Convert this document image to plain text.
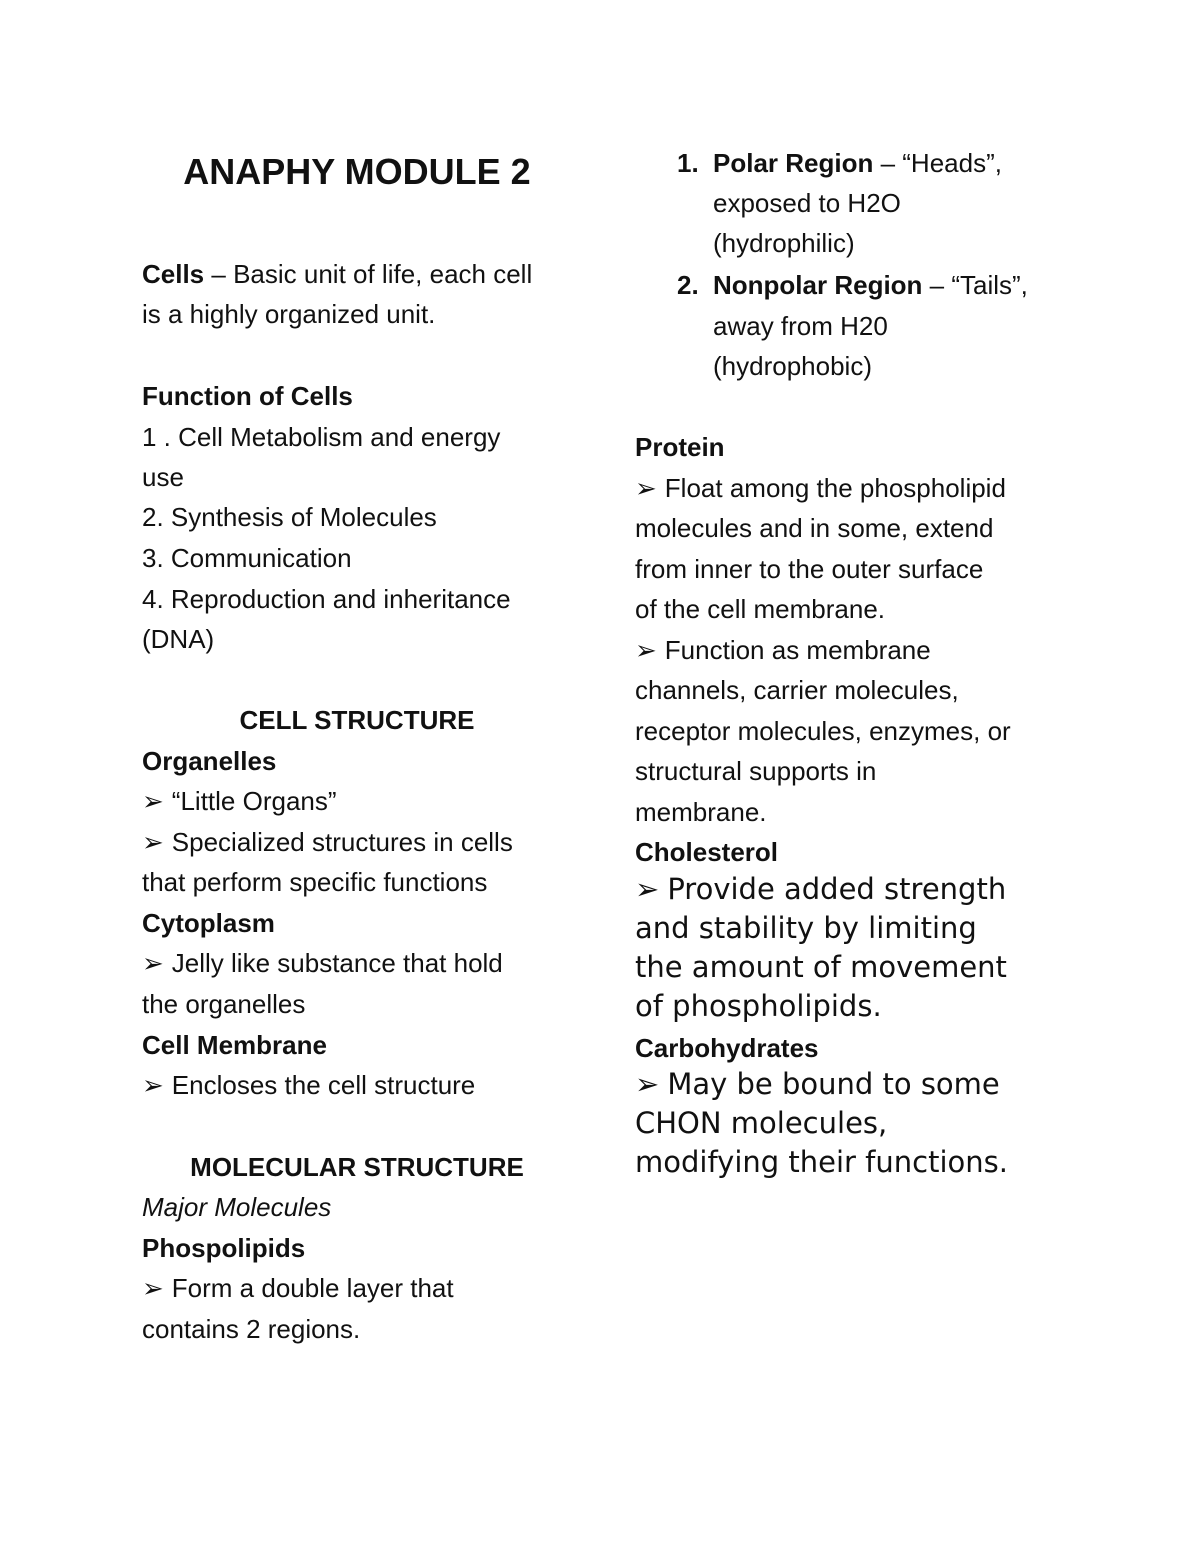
ANAPHY MODULE 2
Cells – Basic unit of life, each cell
is a highly organized unit.
Function of Cells
1 . Cell Metabolism and energy
use
2. Synthesis of Molecules
3. Communication
4. Reproduction and inheritance
(DNA)
CELL STRUCTURE
Organelles
➢ “Little Organs”
➢ Specialized structures in cells
that perform specific functions
Cytoplasm
➢ Jelly like substance that hold
the organelles
Cell Membrane
➢ Encloses the cell structure
MOLECULAR STRUCTURE
Major Molecules
Phospolipids
➢ Form a double layer that
contains 2 regions.
1. Polar Region – “Heads”,
exposed to H2O
(hydrophilic)
2. Nonpolar Region – “Tails”,
away from H20
(hydrophobic)
Protein
➢ Float among the phospholipid
molecules and in some, extend
from inner to the outer surface
of the cell membrane.
➢ Function as membrane
channels, carrier molecules,
receptor molecules, enzymes, or
structural supports in
membrane.
Cholesterol
➢ Provide added strength
and stability by limiting
the amount of movement
of phospholipids.
Carbohydrates
➢ May be bound to some
CHON molecules,
modifying their functions.
